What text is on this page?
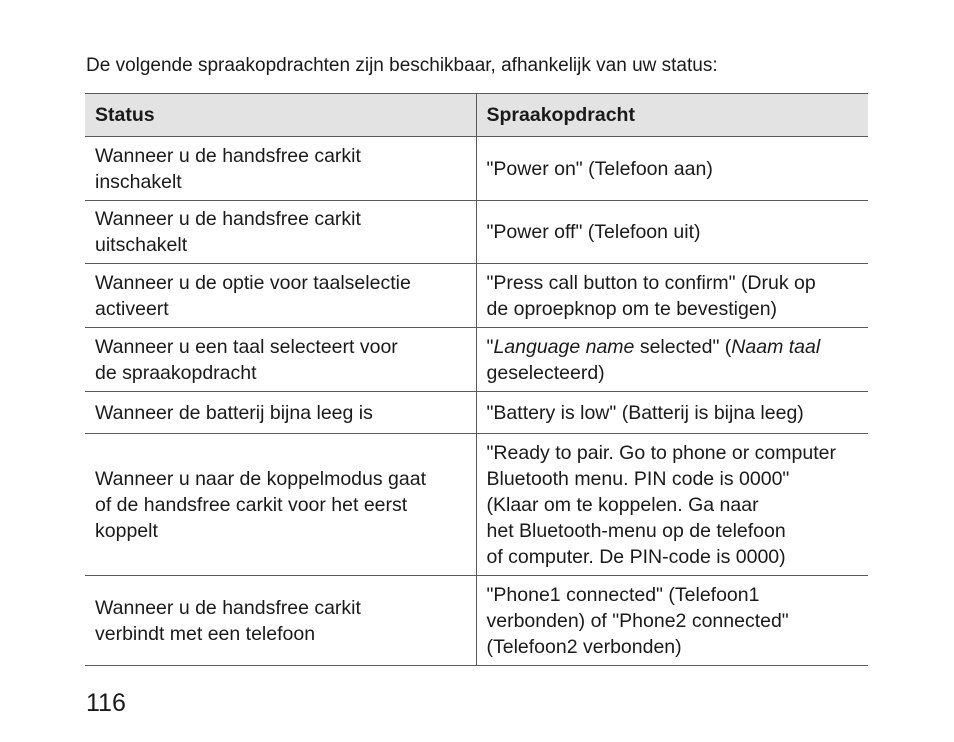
De volgende spraakopdrachten zijn beschikbaar, afhankelijk van uw status:
Status	Spraakopdracht

Wanneer u de handsfree carkit
inschakelt	"Power on" (Telefoon aan)

Wanneer u de handsfree carkit
uitschakelt	"Power off" (Telefoon uit)

Wanneer u de optie voor taalselectie
activeert	"Press call button to confirm" (Druk op
de oproepknop om te bevestigen)

Wanneer u een taal selecteert voor
de spraakopdracht	"Language name selected" (Naam taal
geselecteerd)

Wanneer de batterij bijna leeg is	"Battery is low" (Batterij is bijna leeg)

Wanneer u naar de koppelmodus gaat
of de handsfree carkit voor het eerst
koppelt	"Ready to pair. Go to phone or computer
Bluetooth menu. PIN code is 0000"
(Klaar om te koppelen. Ga naar
het Bluetooth-menu op de telefoon
of computer. De PIN-code is 0000)

Wanneer u de handsfree carkit
verbindt met een telefoon	"Phone1 connected" (Telefoon1
verbonden) of "Phone2 connected"
(Telefoon2 verbonden)
116
